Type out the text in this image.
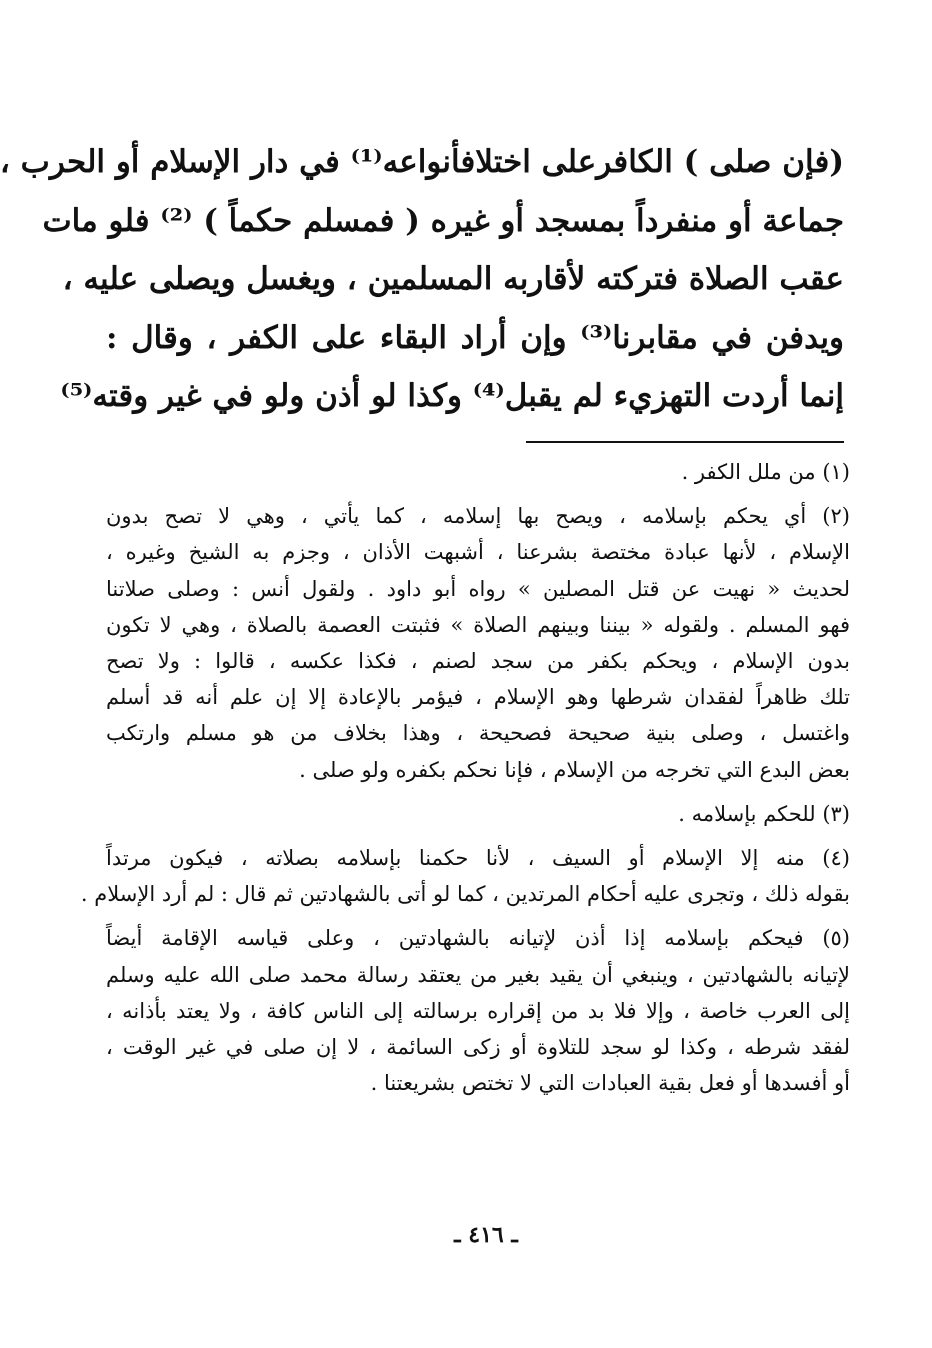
(فإن صلى ) الكافرعلى اختلافأنواعه⁽¹⁾ في دار الإسلام أو الحرب ،
جماعة أو منفرداً بمسجد أو غيره ( فمسلم حكماً ) ⁽²⁾ فلو مات
عقب الصلاة فتركته لأقاربه المسلمين ، ويغسل ويصلى عليه ،
ويدفن في مقابرنا⁽³⁾ وإن أراد البقاء على الكفر ، وقال :
إنما أردت التهزيء لم يقبل⁽⁴⁾ وكذا لو أذن ولو في غير وقته⁽⁵⁾
(١) من ملل الكفر .
(٢) أي يحكم بإسلامه ، ويصح بها إسلامه ، كما يأتي ، وهي لا تصح بدون
الإسلام ، لأنها عبادة مختصة بشرعنا ، أشبهت الأذان ، وجزم به الشيخ وغيره ،
لحديث « نهيت عن قتل المصلين » رواه أبو داود . ولقول أنس : وصلى صلاتنا
فهو المسلم . ولقوله « بيننا وبينهم الصلاة » فثبتت العصمة بالصلاة ، وهي لا تكون
بدون الإسلام ، ويحكم بكفر من سجد لصنم ، فكذا عكسه ، قالوا : ولا تصح
تلك ظاهراً لفقدان شرطها وهو الإسلام ، فيؤمر بالإعادة إلا إن علم أنه قد أسلم
واغتسل ، وصلى بنية صحيحة فصحيحة ، وهذا بخلاف من هو مسلم وارتكب
بعض البدع التي تخرجه من الإسلام ، فإنا نحكم بكفره ولو صلى .
(٣) للحكم بإسلامه .
(٤) منه إلا الإسلام أو السيف ، لأنا حكمنا بإسلامه بصلاته ، فيكون مرتداً
بقوله ذلك ، وتجرى عليه أحكام المرتدين ، كما لو أتى بالشهادتين ثم قال : لم أرد الإسلام .
(٥) فيحكم بإسلامه إذا أذن لإتيانه بالشهادتين ، وعلى قياسه الإقامة أيضاً
لإتيانه بالشهادتين ، وينبغي أن يقيد بغير من يعتقد رسالة محمد صلى الله عليه وسلم
إلى العرب خاصة ، وإلا فلا بد من إقراره برسالته إلى الناس كافة ، ولا يعتد بأذانه ،
لفقد شرطه ، وكذا لو سجد للتلاوة أو زكى السائمة ، لا إن صلى في غير الوقت ،
أو أفسدها أو فعل بقية العبادات التي لا تختص بشريعتنا .
ـ ٤١٦ ـ
